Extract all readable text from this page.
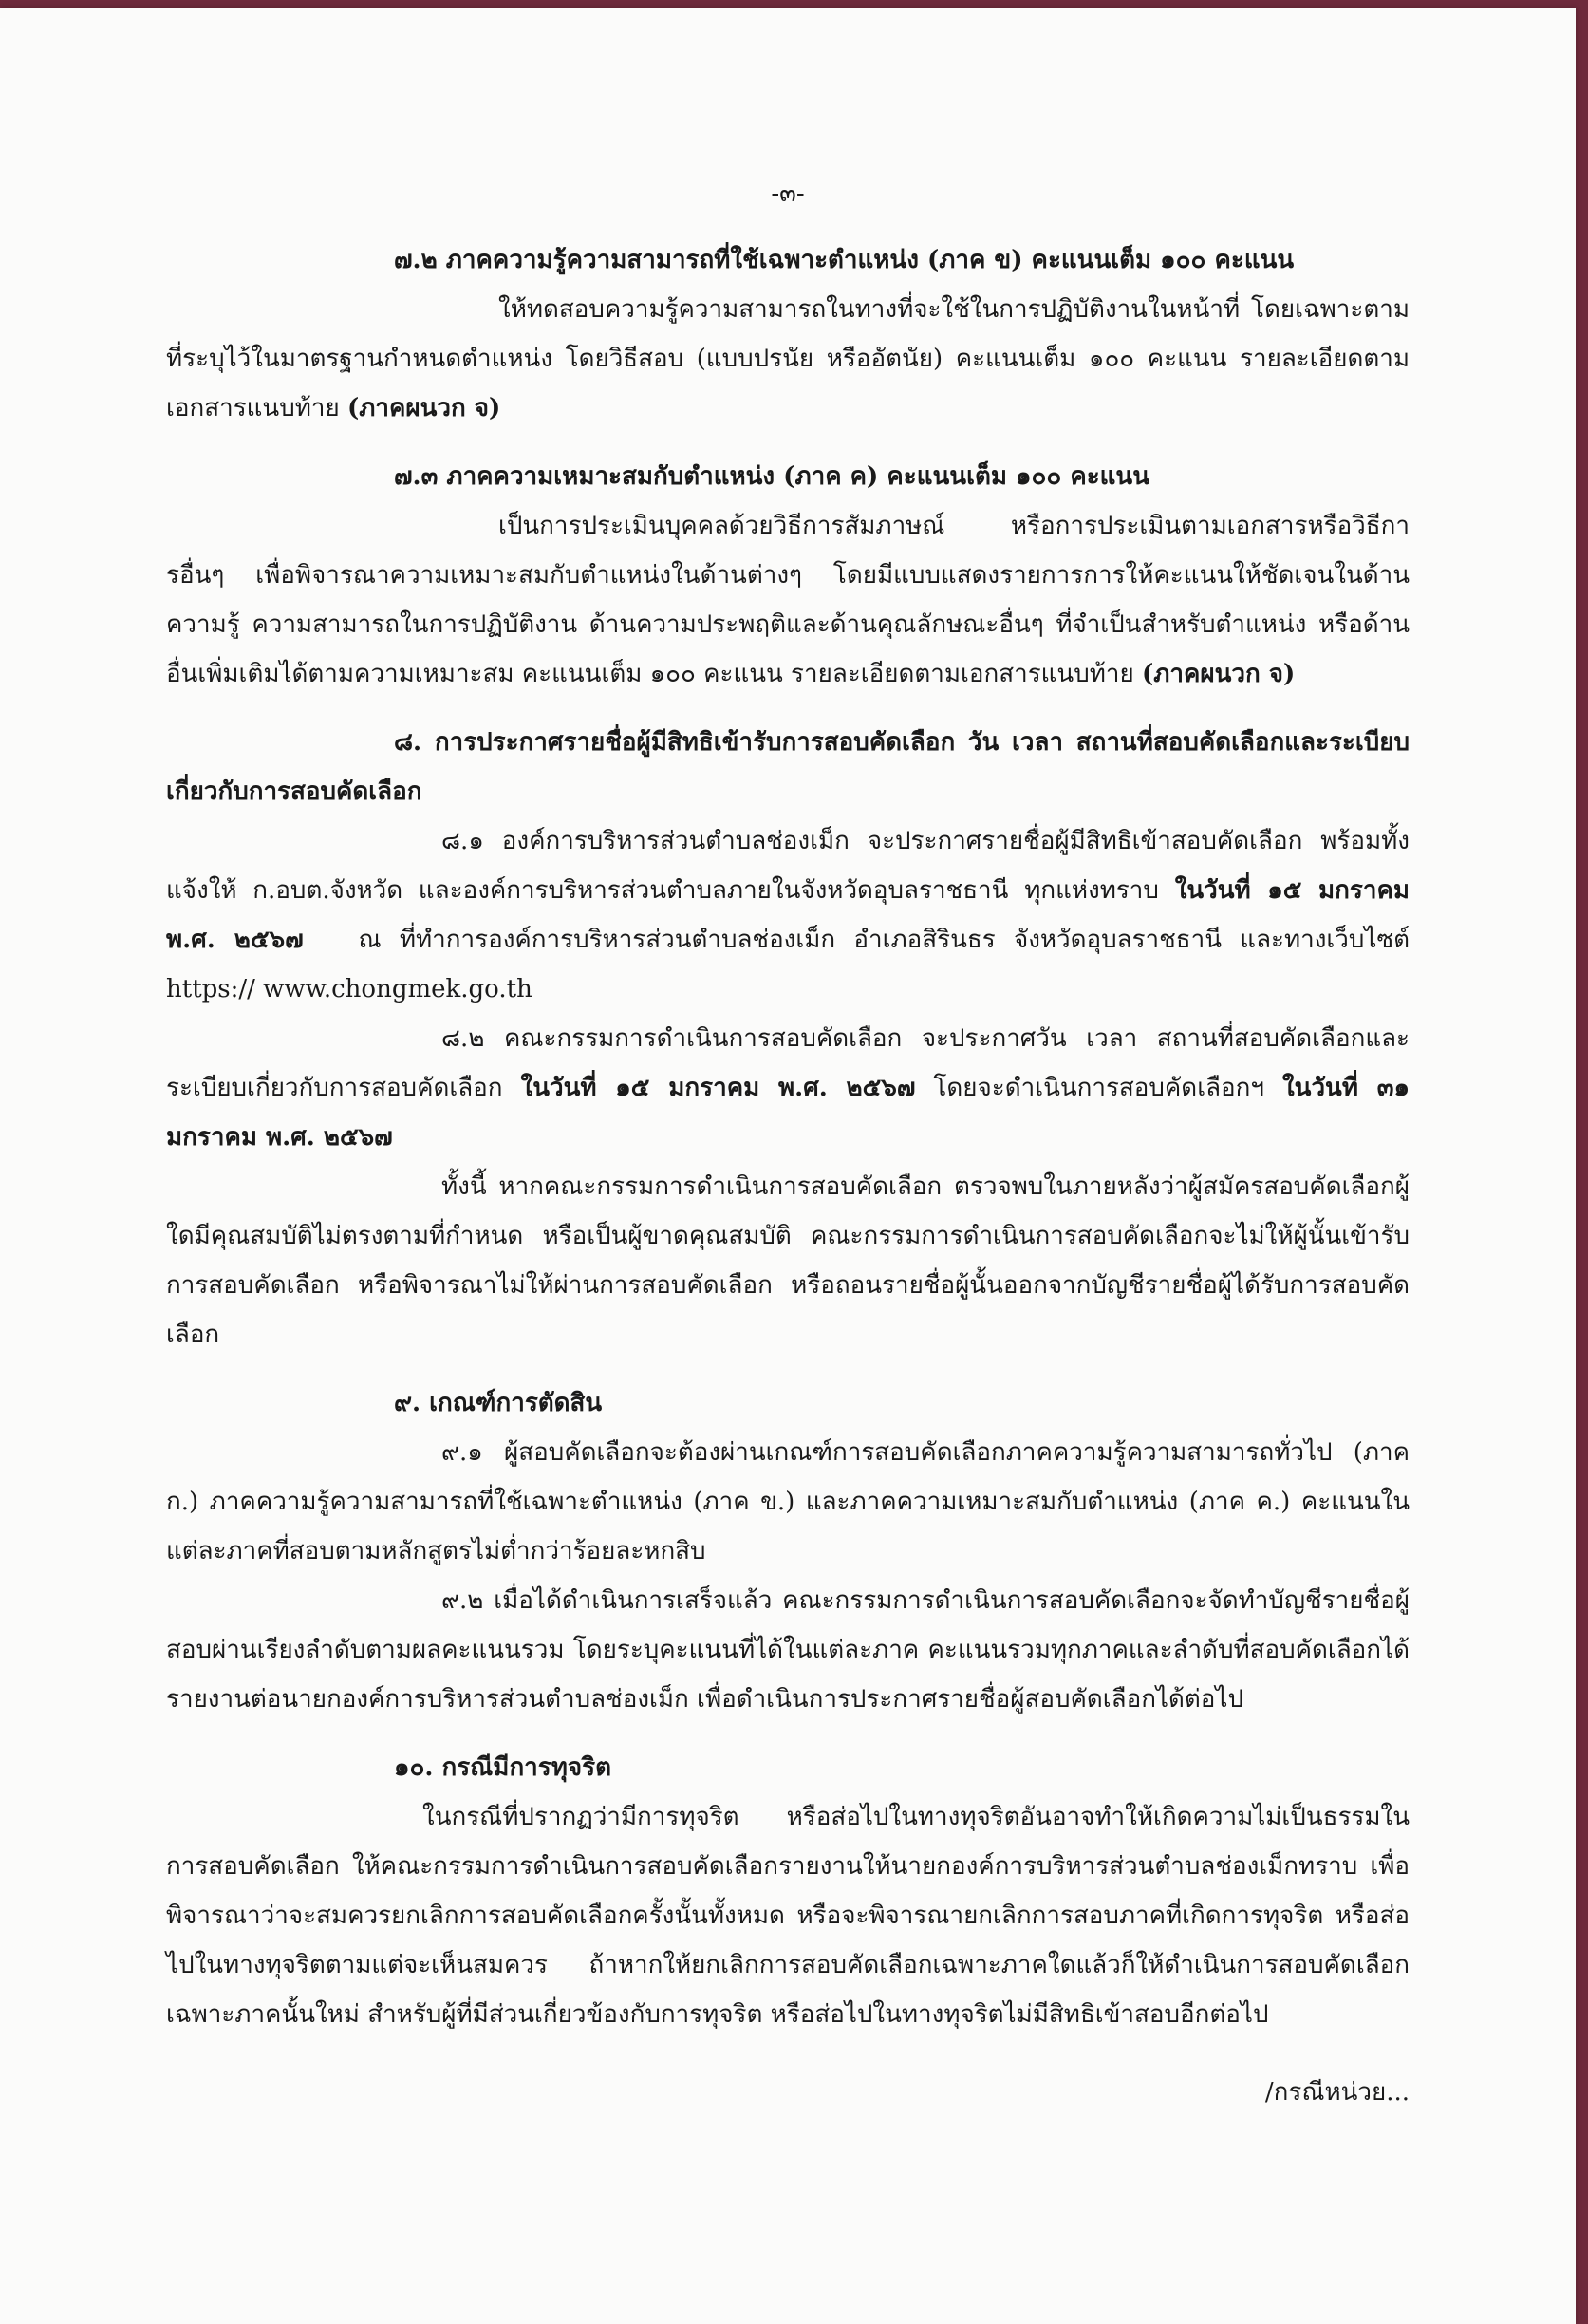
-๓-

๗.๒ ภาคความรู้ความสามารถที่ใช้เฉพาะตำแหน่ง (ภาค ข) คะแนนเต็ม ๑๐๐ คะแนน

ให้ทดสอบความรู้ความสามารถในทางที่จะใช้ในการปฏิบัติงานในหน้าที่ โดยเฉพาะตามที่ระบุไว้ในมาตรฐานกำหนดตำแหน่ง โดยวิธีสอบ (แบบปรนัย หรืออัตนัย) คะแนนเต็ม ๑๐๐ คะแนน รายละเอียดตามเอกสารแนบท้าย (ภาคผนวก จ)

๗.๓ ภาคความเหมาะสมกับตำแหน่ง (ภาค ค) คะแนนเต็ม ๑๐๐ คะแนน

เป็นการประเมินบุคคลด้วยวิธีการสัมภาษณ์ หรือการประเมินตามเอกสารหรือวิธีการอื่นๆ เพื่อพิจารณาความเหมาะสมกับตำแหน่งในด้านต่างๆ โดยมีแบบแสดงรายการการให้คะแนนให้ชัดเจนในด้านความรู้ ความสามารถในการปฏิบัติงาน ด้านความประพฤติและด้านคุณลักษณะอื่นๆ ที่จำเป็นสำหรับตำแหน่ง หรือด้านอื่นเพิ่มเติมได้ตามความเหมาะสม คะแนนเต็ม ๑๐๐ คะแนน รายละเอียดตามเอกสารแนบท้าย (ภาคผนวก จ)

๘. การประกาศรายชื่อผู้มีสิทธิเข้ารับการสอบคัดเลือก วัน เวลา สถานที่สอบคัดเลือกและระเบียบเกี่ยวกับการสอบคัดเลือก

๘.๑ องค์การบริหารส่วนตำบลช่องเม็ก จะประกาศรายชื่อผู้มีสิทธิเข้าสอบคัดเลือก พร้อมทั้งแจ้งให้ ก.อบต.จังหวัด และองค์การบริหารส่วนตำบลภายในจังหวัดอุบลราชธานี ทุกแห่งทราบ ในวันที่ ๑๕ มกราคม พ.ศ. ๒๕๖๗ ณ ที่ทำการองค์การบริหารส่วนตำบลช่องเม็ก อำเภอสิรินธร จังหวัดอุบลราชธานี และทางเว็บไซต์ https:// www.chongmek.go.th

๘.๒ คณะกรรมการดำเนินการสอบคัดเลือก จะประกาศวัน เวลา สถานที่สอบคัดเลือกและระเบียบเกี่ยวกับการสอบคัดเลือก ในวันที่ ๑๕ มกราคม พ.ศ. ๒๕๖๗ โดยจะดำเนินการสอบคัดเลือกฯ ในวันที่ ๓๑ มกราคม พ.ศ. ๒๕๖๗

ทั้งนี้ หากคณะกรรมการดำเนินการสอบคัดเลือก ตรวจพบในภายหลังว่าผู้สมัครสอบคัดเลือกผู้ใดมีคุณสมบัติไม่ตรงตามที่กำหนด หรือเป็นผู้ขาดคุณสมบัติ คณะกรรมการดำเนินการสอบคัดเลือกจะไม่ให้ผู้นั้นเข้ารับการสอบคัดเลือก หรือพิจารณาไม่ให้ผ่านการสอบคัดเลือก หรือถอนรายชื่อผู้นั้นออกจากบัญชีรายชื่อผู้ได้รับการสอบคัดเลือก

๙. เกณฑ์การตัดสิน

๙.๑ ผู้สอบคัดเลือกจะต้องผ่านเกณฑ์การสอบคัดเลือกภาคความรู้ความสามารถทั่วไป (ภาค ก.) ภาคความรู้ความสามารถที่ใช้เฉพาะตำแหน่ง (ภาค ข.) และภาคความเหมาะสมกับตำแหน่ง (ภาค ค.) คะแนนในแต่ละภาคที่สอบตามหลักสูตรไม่ต่ำกว่าร้อยละหกสิบ

๙.๒ เมื่อได้ดำเนินการเสร็จแล้ว คณะกรรมการดำเนินการสอบคัดเลือกจะจัดทำบัญชีรายชื่อผู้สอบผ่านเรียงลำดับตามผลคะแนนรวม โดยระบุคะแนนที่ได้ในแต่ละภาค คะแนนรวมทุกภาคและลำดับที่สอบคัดเลือกได้ รายงานต่อนายกองค์การบริหารส่วนตำบลช่องเม็ก เพื่อดำเนินการประกาศรายชื่อผู้สอบคัดเลือกได้ต่อไป

๑๐. กรณีมีการทุจริต

ในกรณีที่ปรากฏว่ามีการทุจริต หรือส่อไปในทางทุจริตอันอาจทำให้เกิดความไม่เป็นธรรมในการสอบคัดเลือก ให้คณะกรรมการดำเนินการสอบคัดเลือกรายงานให้นายกองค์การบริหารส่วนตำบลช่องเม็กทราบ เพื่อพิจารณาว่าจะสมควรยกเลิกการสอบคัดเลือกครั้งนั้นทั้งหมด หรือจะพิจารณายกเลิกการสอบภาคที่เกิดการทุจริต หรือส่อไปในทางทุจริตตามแต่จะเห็นสมควร ถ้าหากให้ยกเลิกการสอบคัดเลือกเฉพาะภาคใดแล้วก็ให้ดำเนินการสอบคัดเลือกเฉพาะภาคนั้นใหม่ สำหรับผู้ที่มีส่วนเกี่ยวข้องกับการทุจริต หรือส่อไปในทางทุจริตไม่มีสิทธิเข้าสอบอีกต่อไป

/กรณีหน่วย...
